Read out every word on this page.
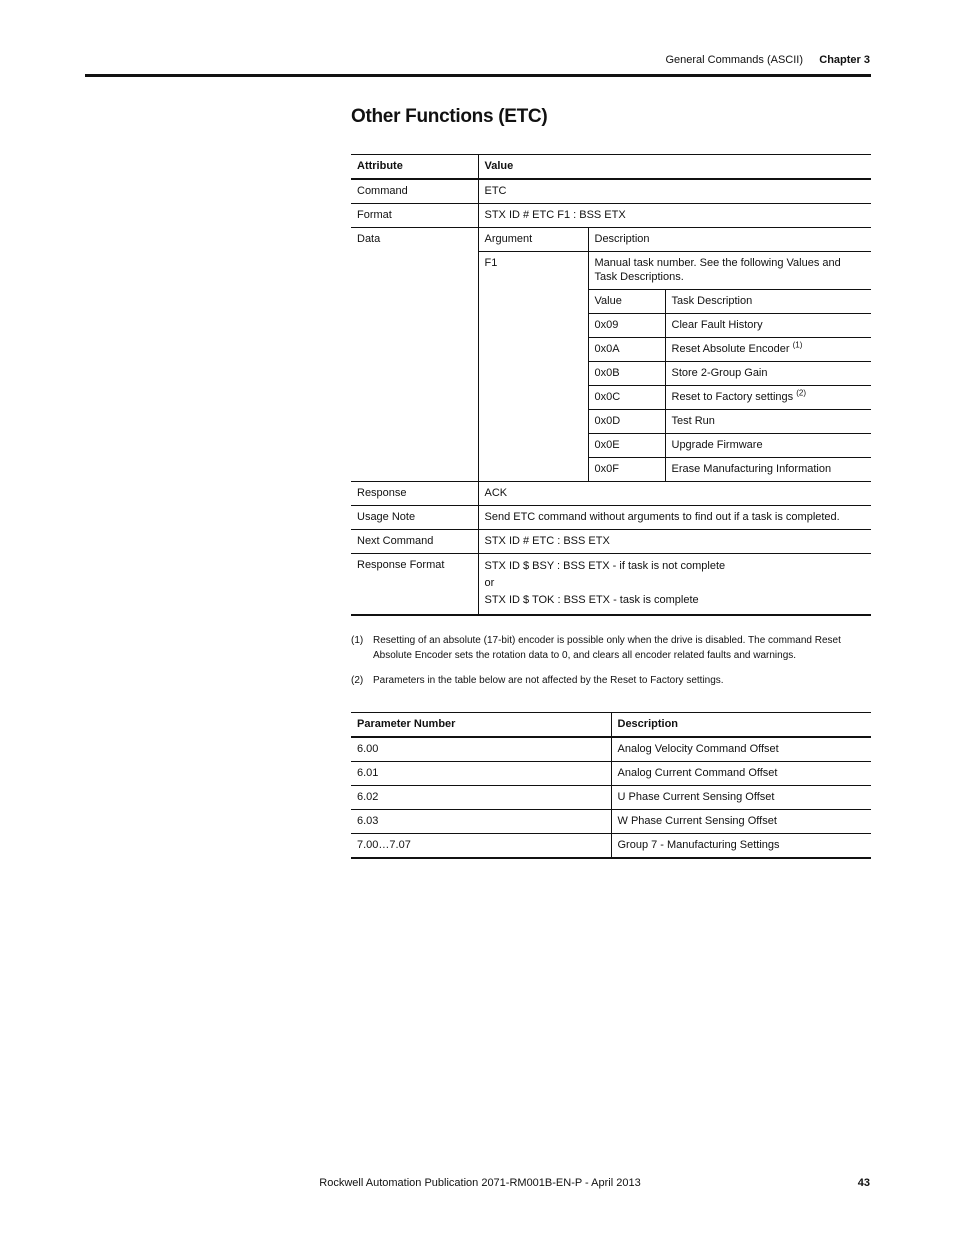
General Commands (ASCII)	Chapter 3
Other Functions (ETC)
Attribute	Value		
Command	ETC		
Format	STX ID # ETC F1 : BSS ETX		
Data	Argument	Description	
	F1	Manual task number. See the following Values and Task Descriptions.	
		Value	Task Description
		0x09	Clear Fault History
		0x0A	Reset Absolute Encoder $^{(1)}$
		0x0B	Store 2-Group Gain
		0x0C	Reset to Factory settings $^{(2)}$
		0x0D	Test Run
		0x0E	Upgrade Firmware
		0x0F	Erase Manufacturing Information
Response	ACK		
Usage Note	Send ETC command without arguments to find out if a task is completed.		
Next Command	STX ID # ETC : BSS ETX		
Response Format	STX ID $ BSY : BSS ETX - if task is not complete
or
STX ID $ TOK : BSS ETX - task is complete		
(1) Resetting of an absolute (17-bit) encoder is possible only when the drive is disabled. The command Reset Absolute Encoder sets the rotation data to 0, and clears all encoder related faults and warnings.
(2) Parameters in the table below are not affected by the Reset to Factory settings.
Parameter Number	Description
6.00	Analog Velocity Command Offset
6.01	Analog Current Command Offset
6.02	U Phase Current Sensing Offset
6.03	W Phase Current Sensing Offset
7.00…7.07	Group 7 - Manufacturing Settings
Rockwell Automation Publication 2071-RM001B-EN-P - April 2013	43
